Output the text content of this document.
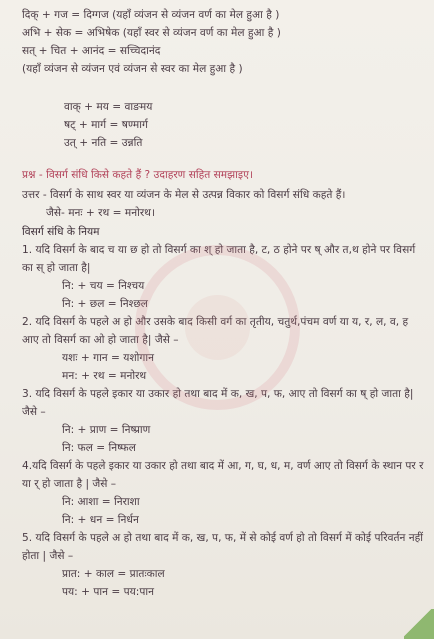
दिक् + गज = दिग्गज (यहाँ व्यंजन से व्यंजन वर्ण का मेल हुआ है )
अभि + सेक = अभिषेक (यहाँ स्वर से व्यंजन वर्ण का मेल हुआ है )
सत् + चित + आनंद = सच्चिदानंद
(यहाँ व्यंजन से व्यंजन एवं व्यंजन से स्वर का मेल हुआ है )
वाक् + मय = वाङमय
षट् + मार्ग = षण्मार्ग
उत् + नति = उन्नति
प्रश्न - विसर्ग संधि किसे कहते हैं ? उदाहरण सहित समझाइए।
उत्तर - विसर्ग के साथ स्वर या व्यंजन के मेल से उत्पन्न विकार को विसर्ग संधि कहते हैं।
जैसे- मनः + रथ = मनोरथ।
विसर्ग संधि के नियम
1. यदि विसर्ग के बाद च या छ हो तो विसर्ग का श् हो जाता है, ट, ठ होने पर ष् और त,थ होने पर विसर्ग का स् हो जाता है|
नि: + चय = निश्चय
नि: + छल = निश्छल
2. यदि विसर्ग के पहले अ हो और उसके बाद किसी वर्ग का तृतीय, चतुर्थ,पंचम वर्ण या य, र, ल, व, ह आए तो विसर्ग का ओ हो जाता है| जैसे –
यशः + गान = यशोगान
मन: + रथ = मनोरथ
3. यदि विसर्ग के पहले इकार या उकार हो तथा बाद में क, ख, प, फ, आए तो विसर्ग का ष् हो जाता है| जैसे –
नि: + प्राण = निष्प्राण
नि: फल = निष्फल
4.यदि विसर्ग के पहले इकार या उकार हो तथा बाद में आ, ग, घ, ध, म, वर्ण आए तो विसर्ग के स्थान पर र या र् हो जाता है | जैसे –
नि: आशा = निराशा
नि: + धन = निर्धन
5. यदि विसर्ग के पहले अ हो तथा बाद में क, ख, प, फ, में से कोई वर्ण हो तो विसर्ग में कोई परिवर्तन नहीं होता | जैसे –
प्रात: + काल = प्रातःकाल
पय: + पान = पय:पान
